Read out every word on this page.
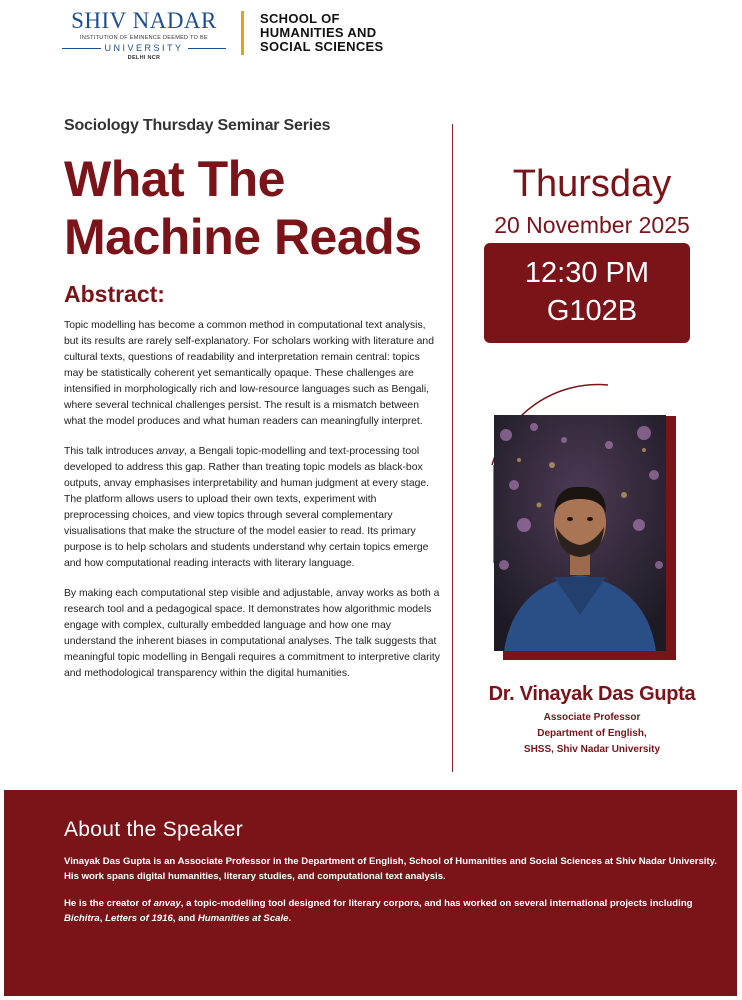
SHIV NADAR
INSTITUTION OF EMINENCE DEEMED TO BE
UNIVERSITY
DELHI NCR
SCHOOL OF
HUMANITIES AND
SOCIAL SCIENCES
Sociology Thursday Seminar Series
What The
Machine Reads
Abstract:

Topic modelling has become a common method in computational text analysis, but its results are rarely self-explanatory. For scholars working with literature and cultural texts, questions of readability and interpretation remain central: topics may be statistically coherent yet semantically opaque. These challenges are intensified in morphologically rich and low-resource languages such as Bengali, where several technical challenges persist. The result is a mismatch between what the model produces and what human readers can meaningfully interpret.

This talk introduces anvay, a Bengali topic-modelling and text-processing tool developed to address this gap. Rather than treating topic models as black-box outputs, anvay emphasises interpretability and human judgment at every stage. The platform allows users to upload their own texts, experiment with preprocessing choices, and view topics through several complementary visualisations that make the structure of the model easier to read. Its primary purpose is to help scholars and students understand why certain topics emerge and how computational reading interacts with literary language.

By making each computational step visible and adjustable, anvay works as both a research tool and a pedagogical space. It demonstrates how algorithmic models engage with complex, culturally embedded language and how one may understand the inherent biases in computational analyses. The talk suggests that meaningful topic modelling in Bengali requires a commitment to interpretive clarity and methodological transparency within the digital humanities.

Thursday
20 November 2025
12:30 PM
G102B
Dr. Vinayak Das Gupta
Associate Professor
Department of English,
SHSS, Shiv Nadar University
About the Speaker

Vinayak Das Gupta is an Associate Professor in the Department of English, School of Humanities and Social Sciences at Shiv Nadar University. His work spans digital humanities, literary studies, and computational text analysis.

He is the creator of anvay, a topic-modelling tool designed for literary corpora, and has worked on several international projects including Bichitra, Letters of 1916, and Humanities at Scale.
